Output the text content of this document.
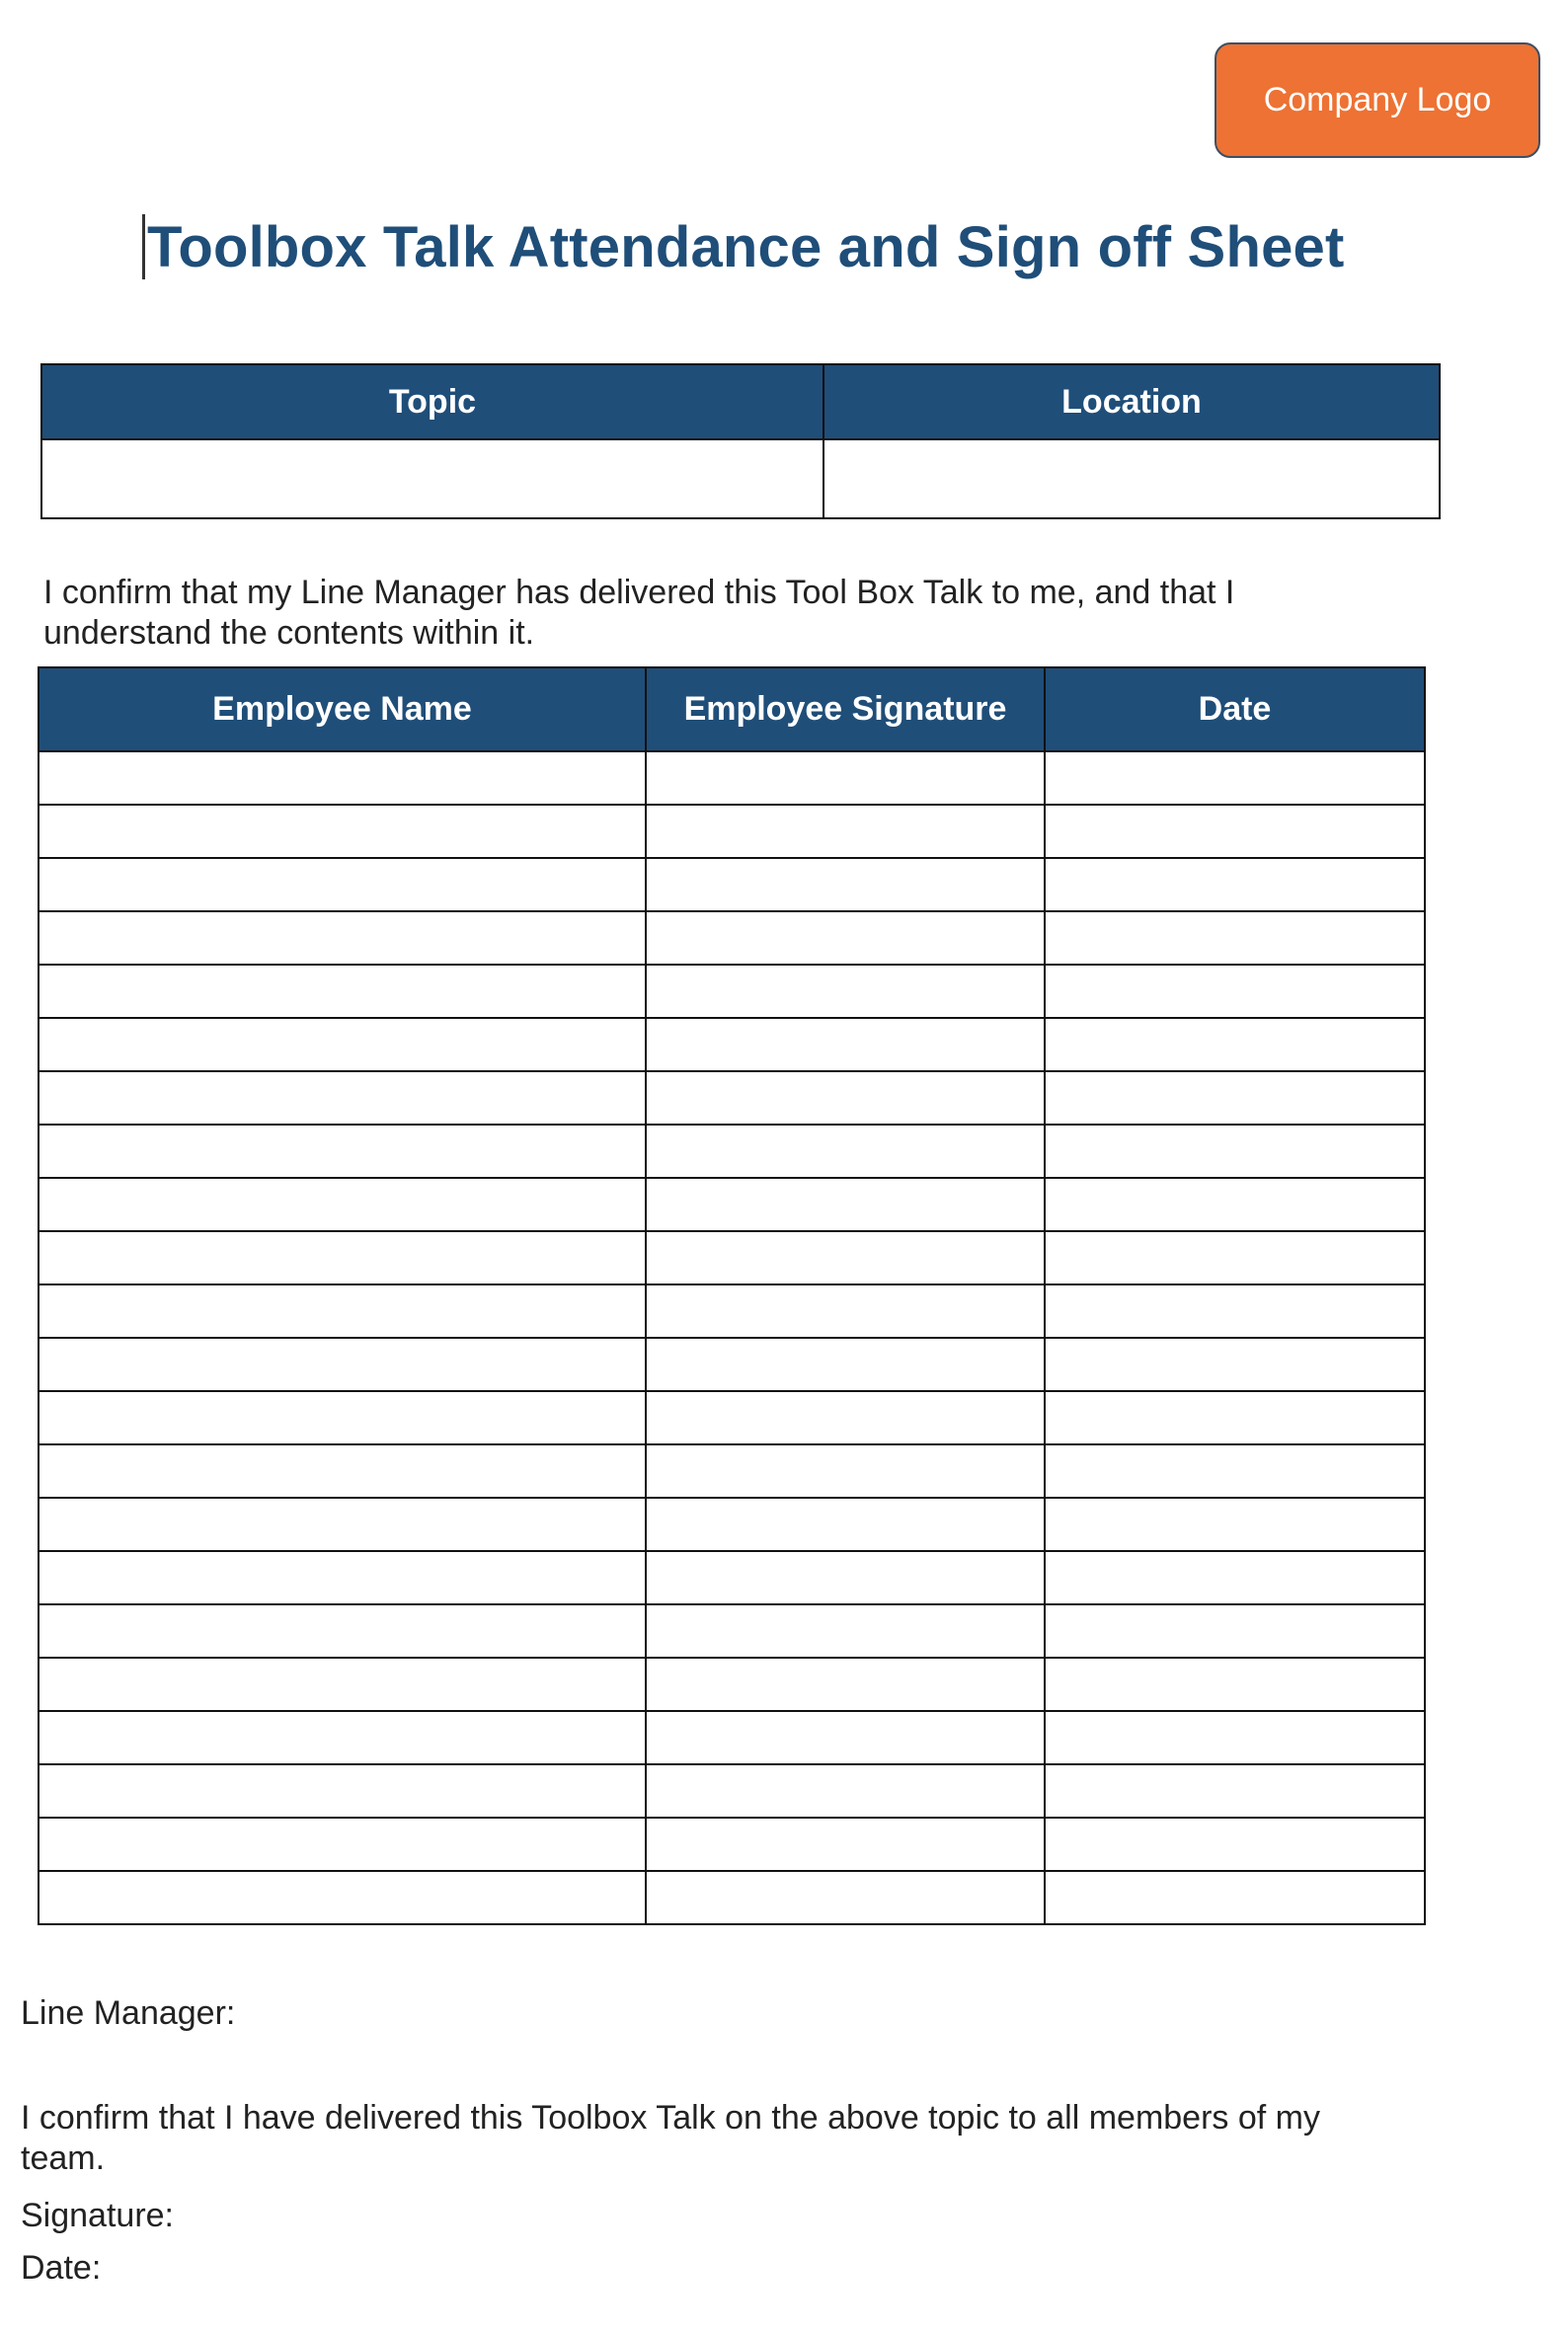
Company Logo
Toolbox Talk Attendance and Sign off Sheet
Topic	Location

I confirm that my Line Manager has delivered this Tool Box Talk to me, and that I understand the contents within it.
Employee Name	Employee Signature	Date

Line Manager:
I confirm that I have delivered this Toolbox Talk on the above topic to all members of my team.
Signature:
Date:
